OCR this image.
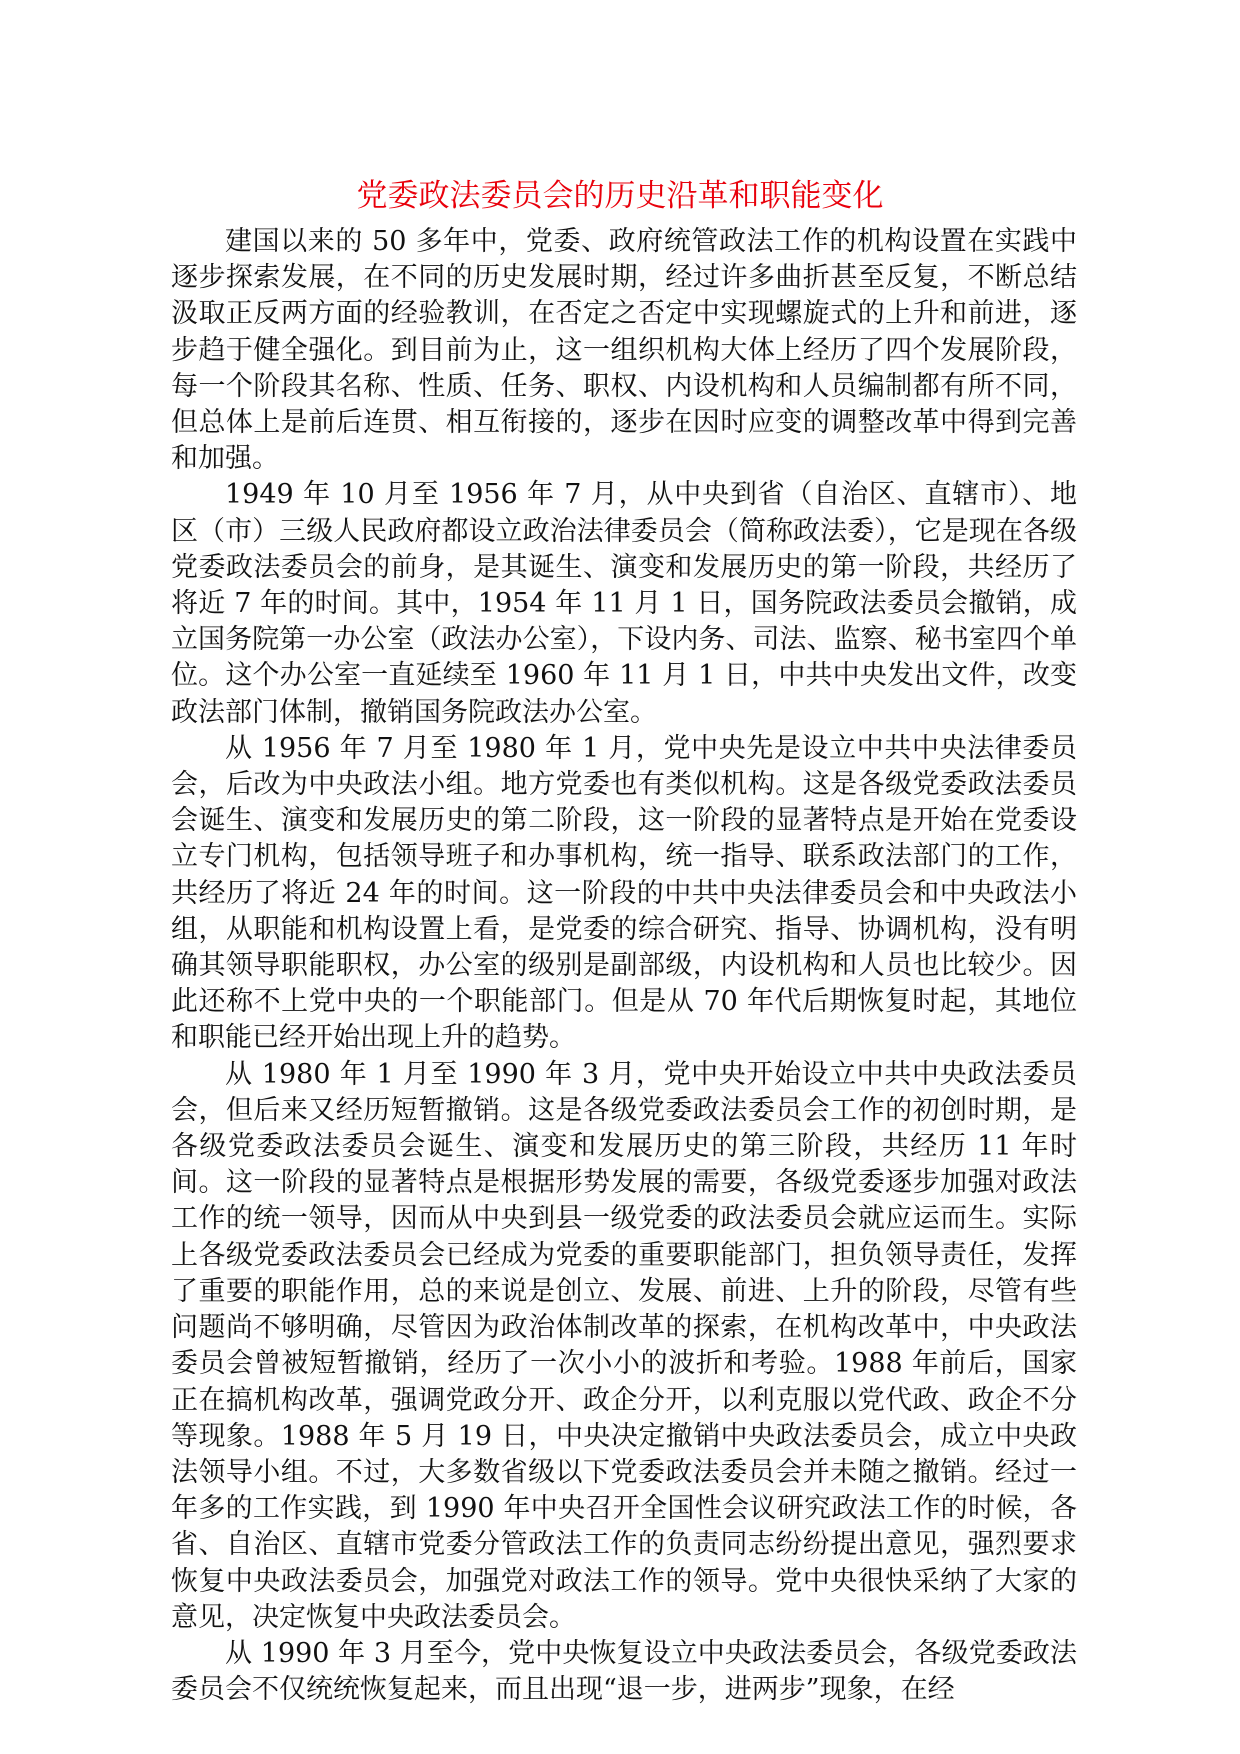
党委政法委员会的历史沿革和职能变化

建国以来的 50 多年中，党委、政府统管政法工作的机构设置在实践中逐步探索发展，在不同的历史发展时期，经过许多曲折甚至反复，不断总结汲取正反两方面的经验教训，在否定之否定中实现螺旋式的上升和前进，逐步趋于健全强化。到目前为止，这一组织机构大体上经历了四个发展阶段，每一个阶段其名称、性质、任务、职权、内设机构和人员编制都有所不同，但总体上是前后连贯、相互衔接的，逐步在因时应变的调整改革中得到完善和加强。

1949 年 10 月至 1956 年 7 月，从中央到省（自治区、直辖市）、地区（市）三级人民政府都设立政治法律委员会（简称政法委），它是现在各级党委政法委员会的前身，是其诞生、演变和发展历史的第一阶段，共经历了将近 7 年的时间。其中，1954 年 11 月 1 日，国务院政法委员会撤销，成立国务院第一办公室（政法办公室），下设内务、司法、监察、秘书室四个单位。这个办公室一直延续至 1960 年 11 月 1 日，中共中央发出文件，改变政法部门体制，撤销国务院政法办公室。

从 1956 年 7 月至 1980 年 1 月，党中央先是设立中共中央法律委员会，后改为中央政法小组。地方党委也有类似机构。这是各级党委政法委员会诞生、演变和发展历史的第二阶段，这一阶段的显著特点是开始在党委设立专门机构，包括领导班子和办事机构，统一指导、联系政法部门的工作，共经历了将近 24 年的时间。这一阶段的中共中央法律委员会和中央政法小组，从职能和机构设置上看，是党委的综合研究、指导、协调机构，没有明确其领导职能职权，办公室的级别是副部级，内设机构和人员也比较少。因此还称不上党中央的一个职能部门。但是从 70 年代后期恢复时起，其地位和职能已经开始出现上升的趋势。

从 1980 年 1 月至 1990 年 3 月，党中央开始设立中共中央政法委员会，但后来又经历短暂撤销。这是各级党委政法委员会工作的初创时期，是各级党委政法委员会诞生、演变和发展历史的第三阶段，共经历 11 年时间。这一阶段的显著特点是根据形势发展的需要，各级党委逐步加强对政法工作的统一领导，因而从中央到县一级党委的政法委员会就应运而生。实际上各级党委政法委员会已经成为党委的重要职能部门，担负领导责任，发挥了重要的职能作用，总的来说是创立、发展、前进、上升的阶段，尽管有些问题尚不够明确，尽管因为政治体制改革的探索，在机构改革中，中央政法委员会曾被短暂撤销，经历了一次小小的波折和考验。1988 年前后，国家正在搞机构改革，强调党政分开、政企分开，以利克服以党代政、政企不分等现象。1988 年 5 月 19 日，中央决定撤销中央政法委员会，成立中央政法领导小组。不过，大多数省级以下党委政法委员会并未随之撤销。经过一年多的工作实践，到 1990 年中央召开全国性会议研究政法工作的时候，各省、自治区、直辖市党委分管政法工作的负责同志纷纷提出意见，强烈要求恢复中央政法委员会，加强党对政法工作的领导。党中央很快采纳了大家的意见，决定恢复中央政法委员会。

从 1990 年 3 月至今，党中央恢复设立中央政法委员会，各级党委政法委员会不仅统统恢复起来，而且出现“退一步，进两步”现象，在经
